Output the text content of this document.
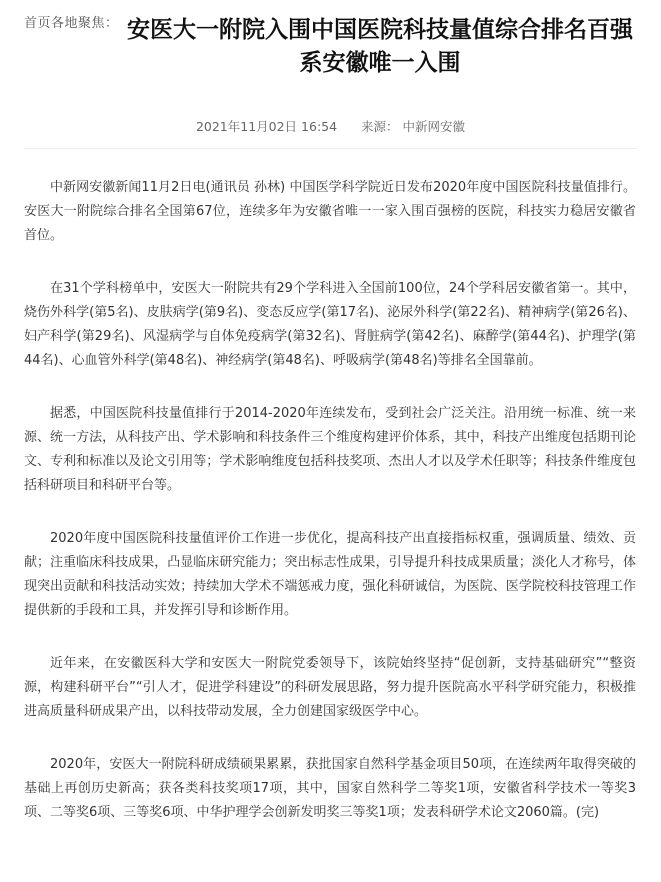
首页各地聚焦： 安医大一附院入围中国医院科技量值综合排名百强 系安徽唯一入围
2021年11月02日 16:54 来源： 中新网安徽

中新网安徽新闻11月2日电(通讯员 孙林) 中国医学科学院近日发布2020年度中国医院科技量值排行。安医大一附院综合排名全国第67位，连续多年为安徽省唯一一家入围百强榜的医院，科技实力稳居安徽省首位。

在31个学科榜单中，安医大一附院共有29个学科进入全国前100位，24个学科居安徽省第一。其中，烧伤外科学(第5名)、皮肤病学(第9名)、变态反应学(第17名)、泌尿外科学(第22名)、精神病学(第26名)、妇产科学(第29名)、风湿病学与自体免疫病学(第32名)、肾脏病学(第42名)、麻醉学(第44名)、护理学(第44名)、心血管外科学(第48名)、神经病学(第48名)、呼吸病学(第48名)等排名全国靠前。

据悉，中国医院科技量值排行于2014-2020年连续发布，受到社会广泛关注。沿用统一标准、统一来源、统一方法，从科技产出、学术影响和科技条件三个维度构建评价体系，其中，科技产出维度包括期刊论文、专利和标准以及论文引用等；学术影响维度包括科技奖项、杰出人才以及学术任职等；科技条件维度包括科研项目和科研平台等。

2020年度中国医院科技量值评价工作进一步优化，提高科技产出直接指标权重，强调质量、绩效、贡献；注重临床科技成果，凸显临床研究能力；突出标志性成果，引导提升科技成果质量；淡化人才称号，体现突出贡献和科技活动实效；持续加大学术不端惩戒力度，强化科研诚信，为医院、医学院校科技管理工作提供新的手段和工具，并发挥引导和诊断作用。

近年来，在安徽医科大学和安医大一附院党委领导下，该院始终坚持“促创新，支持基础研究”“整资源，构建科研平台”“引人才，促进学科建设”的科研发展思路，努力提升医院高水平科学研究能力，积极推进高质量科研成果产出，以科技带动发展，全力创建国家级医学中心。

2020年，安医大一附院科研成绩硕果累累，获批国家自然科学基金项目50项，在连续两年取得突破的基础上再创历史新高；获各类科技奖项17项，其中，国家自然科学二等奖1项，安徽省科学技术一等奖3项、二等奖6项、三等奖6项、中华护理学会创新发明奖三等奖1项；发表科研学术论文2060篇。(完)
